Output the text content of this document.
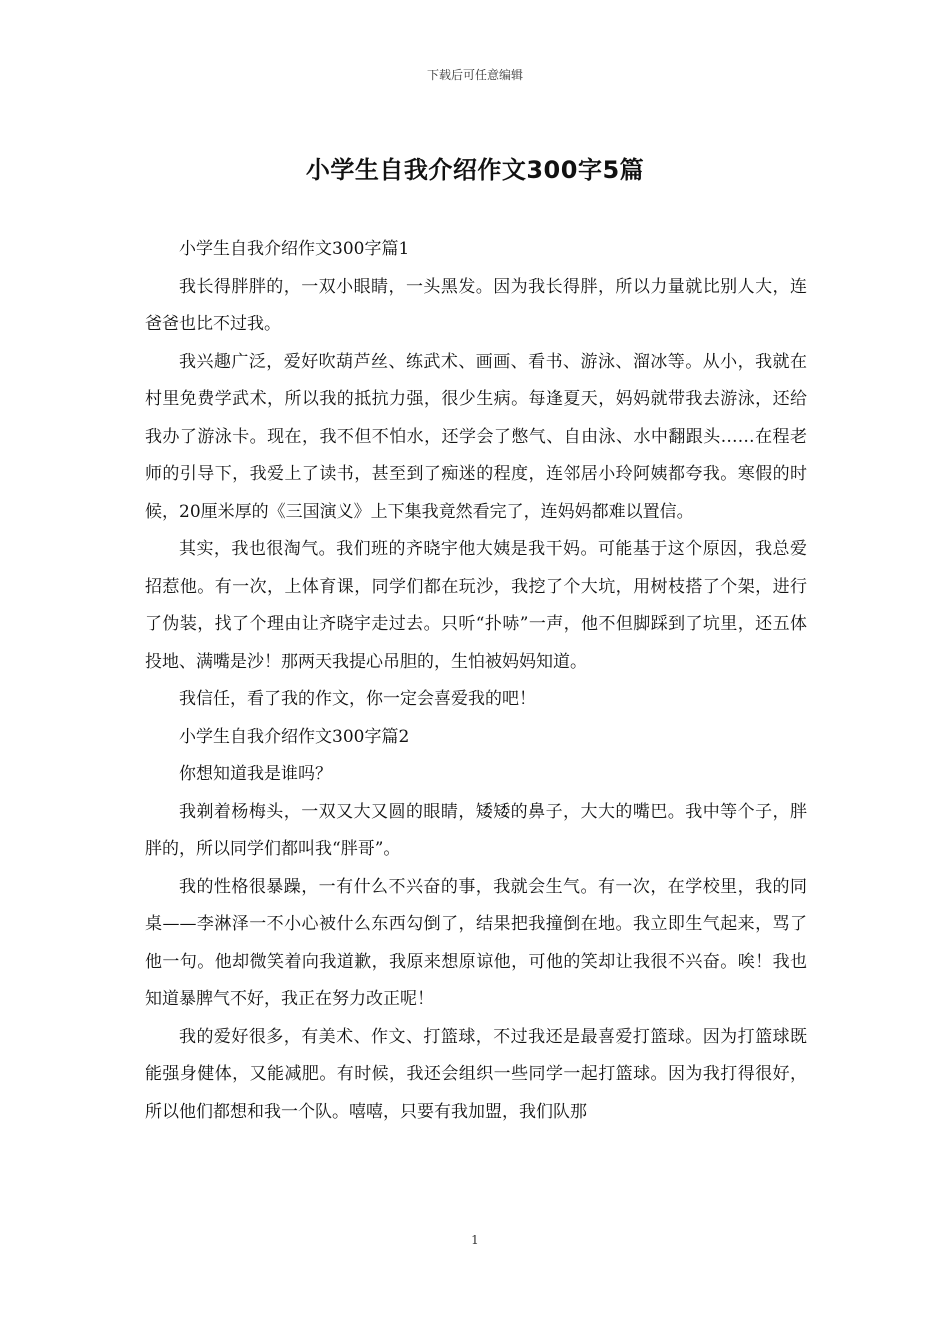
下载后可任意编辑
小学生自我介绍作文300字5篇

小学生自我介绍作文300字篇1

我长得胖胖的，一双小眼睛，一头黑发。因为我长得胖，所以力量就比别人大，连爸爸也比不过我。

我兴趣广泛，爱好吹葫芦丝、练武术、画画、看书、游泳、溜冰等。从小，我就在村里免费学武术，所以我的抵抗力强，很少生病。每逢夏天，妈妈就带我去游泳，还给我办了游泳卡。现在，我不但不怕水，还学会了憋气、自由泳、水中翻跟头……在程老师的引导下，我爱上了读书，甚至到了痴迷的程度，连邻居小玲阿姨都夸我。寒假的时候，20厘米厚的《三国演义》上下集我竟然看完了，连妈妈都难以置信。

其实，我也很淘气。我们班的齐晓宇他大姨是我干妈。可能基于这个原因，我总爱招惹他。有一次，上体育课，同学们都在玩沙，我挖了个大坑，用树枝搭了个架，进行了伪装，找了个理由让齐晓宇走过去。只听“扑哧”一声，他不但脚踩到了坑里，还五体投地、满嘴是沙！那两天我提心吊胆的，生怕被妈妈知道。

我信任，看了我的作文，你一定会喜爱我的吧！

小学生自我介绍作文300字篇2

你想知道我是谁吗？

我剃着杨梅头，一双又大又圆的眼睛，矮矮的鼻子，大大的嘴巴。我中等个子，胖胖的，所以同学们都叫我“胖哥”。

我的性格很暴躁，一有什么不兴奋的事，我就会生气。有一次，在学校里，我的同桌——李淋泽一不小心被什么东西勾倒了，结果把我撞倒在地。我立即生气起来，骂了他一句。他却微笑着向我道歉，我原来想原谅他，可他的笑却让我很不兴奋。唉！我也知道暴脾气不好，我正在努力改正呢！

我的爱好很多，有美术、作文、打篮球，不过我还是最喜爱打篮球。因为打篮球既能强身健体，又能减肥。有时候，我还会组织一些同学一起打篮球。因为我打得很好，所以他们都想和我一个队。嘻嘻，只要有我加盟，我们队那

1
